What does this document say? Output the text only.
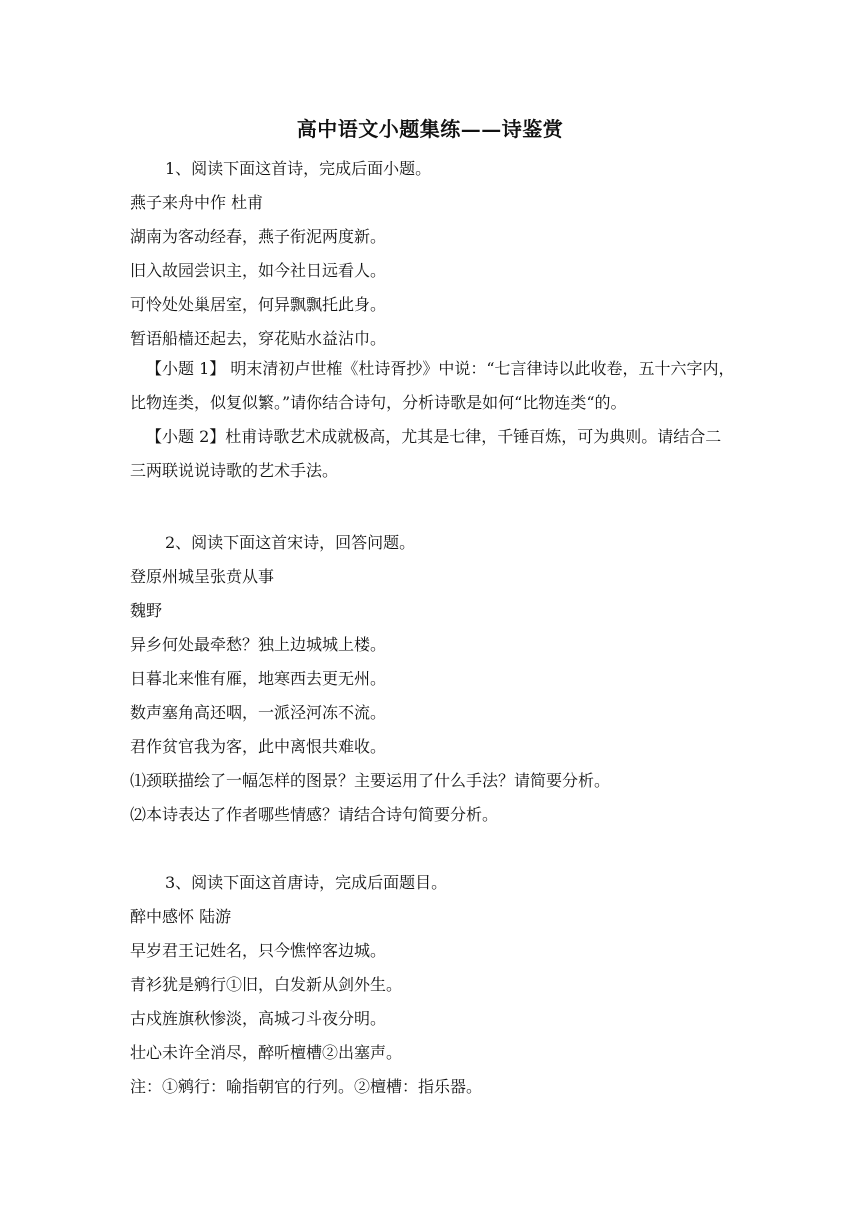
高中语文小题集练——诗鉴赏
1、阅读下面这首诗，完成后面小题。
燕子来舟中作 杜甫
湖南为客动经春，燕子衔泥两度新。
旧入故园尝识主，如今社日远看人。
可怜处处巢居室，何异飘飘托此身。
暂语船樯还起去，穿花贴水益沾巾。
【小题 1】 明末清初卢世榷《杜诗胥抄》中说：“七言律诗以此收卷，五十六字内，比物连类，似复似繁。”请你结合诗句，分析诗歌是如何“比物连类“的。
【小题 2】杜甫诗歌艺术成就极高，尤其是七律，千锤百炼，可为典则。请结合二三两联说说诗歌的艺术手法。
2、阅读下面这首宋诗，回答问题。
登原州城呈张贲从事
魏野
异乡何处最牵愁？独上边城城上楼。
日暮北来惟有雁，地寒西去更无州。
数声塞角高还咽，一派泾河冻不流。
君作贫官我为客，此中离恨共难收。
⑴颈联描绘了一幅怎样的图景？主要运用了什么手法？请简要分析。
⑵本诗表达了作者哪些情感？请结合诗句简要分析。
3、阅读下面这首唐诗，完成后面题目。
醉中感怀 陆游
早岁君王记姓名，只今憔悴客边城。
青衫犹是鹓行①旧，白发新从剑外生。
古戍旌旗秋惨淡，高城刁斗夜分明。
壮心未许全消尽，醉听檀槽②出塞声。
注：①鹓行：喻指朝官的行列。②檀槽：指乐器。
